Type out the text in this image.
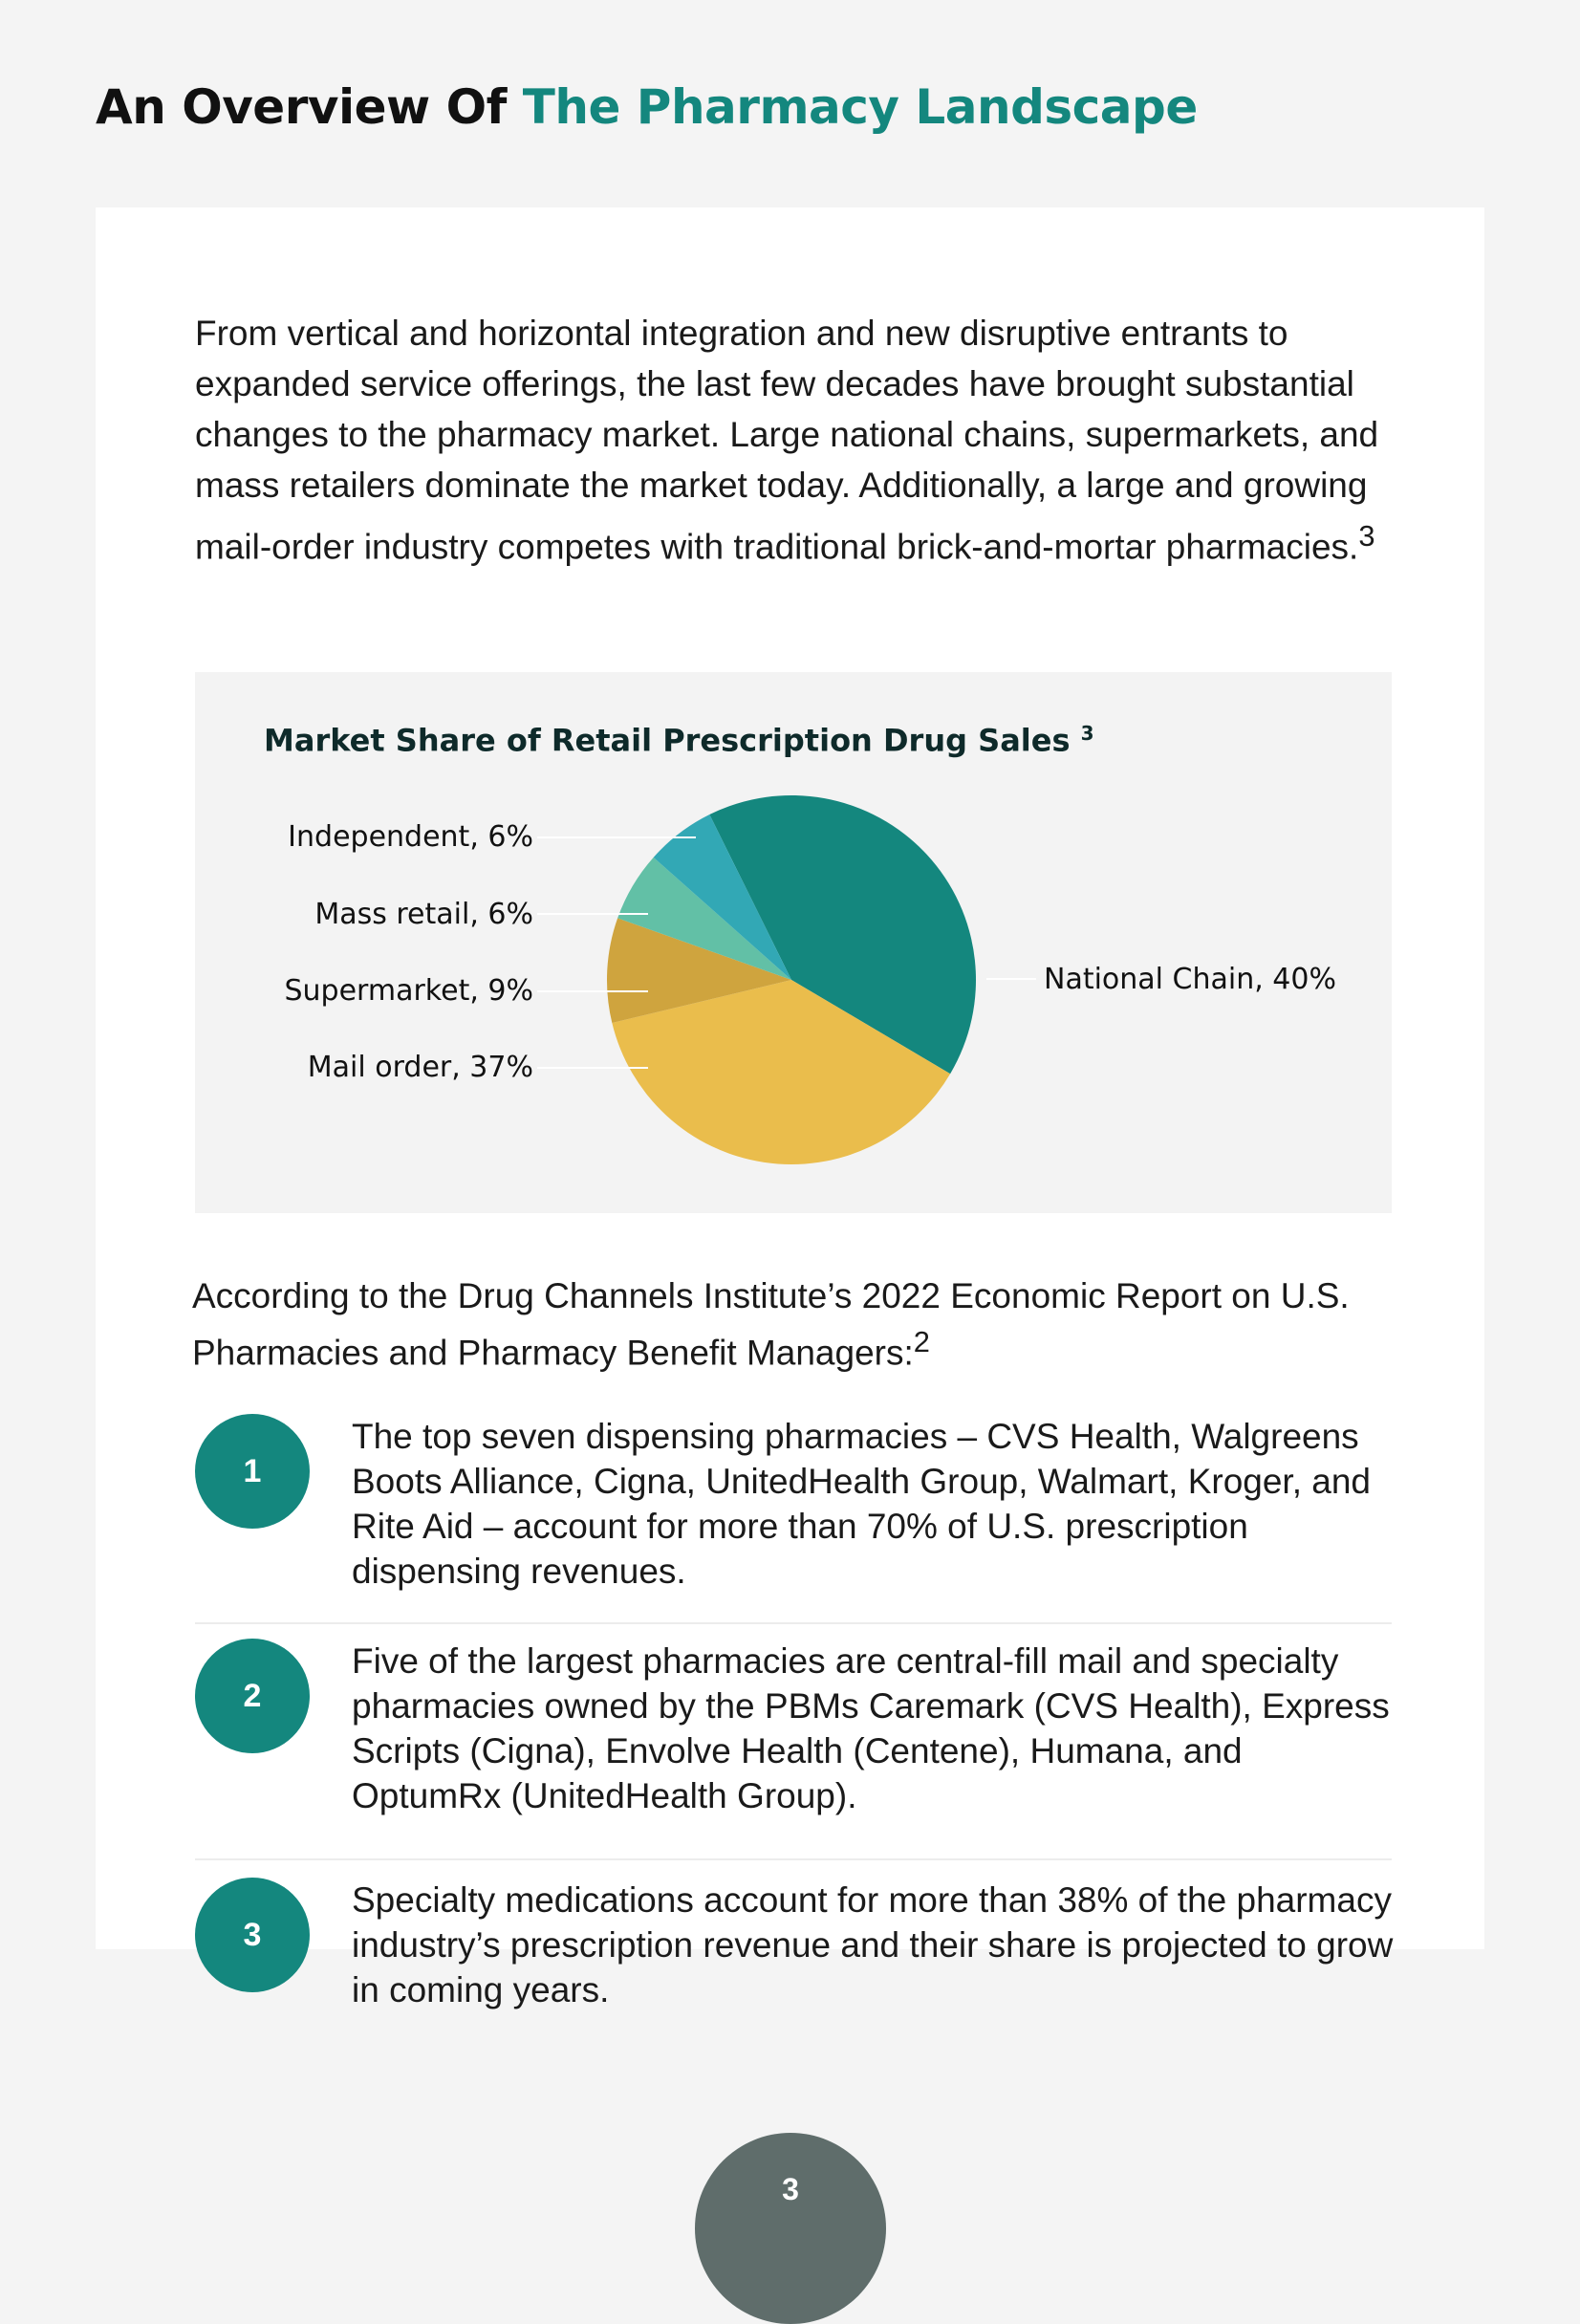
An Overview Of The Pharmacy Landscape

From vertical and horizontal integration and new disruptive entrants to expanded service offerings, the last few decades have brought substantial changes to the pharmacy market. Large national chains, supermarkets, and mass retailers dominate the market today. Additionally, a large and growing mail-order industry competes with traditional brick-and-mortar pharmacies.$^3$

Market Share of Retail Prescription Drug Sales $^3$
National Chain, 40%
Mail order, 37%
Supermarket, 9%
Mass retail, 6%
Independent, 6%

According to the Drug Channels Institute’s 2022 Economic Report on U.S. Pharmacies and Pharmacy Benefit Managers:$^2$

1

The top seven dispensing pharmacies – CVS Health, Walgreens Boots Alliance, Cigna, UnitedHealth Group, Walmart, Kroger, and Rite Aid – account for more than 70% of U.S. prescription dispensing revenues.

2

Five of the largest pharmacies are central-fill mail and specialty pharmacies owned by the PBMs Caremark (CVS Health), Express Scripts (Cigna), Envolve Health (Centene), Humana, and OptumRx (UnitedHealth Group).

3

Specialty medications account for more than 38% of the pharmacy industry’s prescription revenue and their share is projected to grow in coming years.

3
